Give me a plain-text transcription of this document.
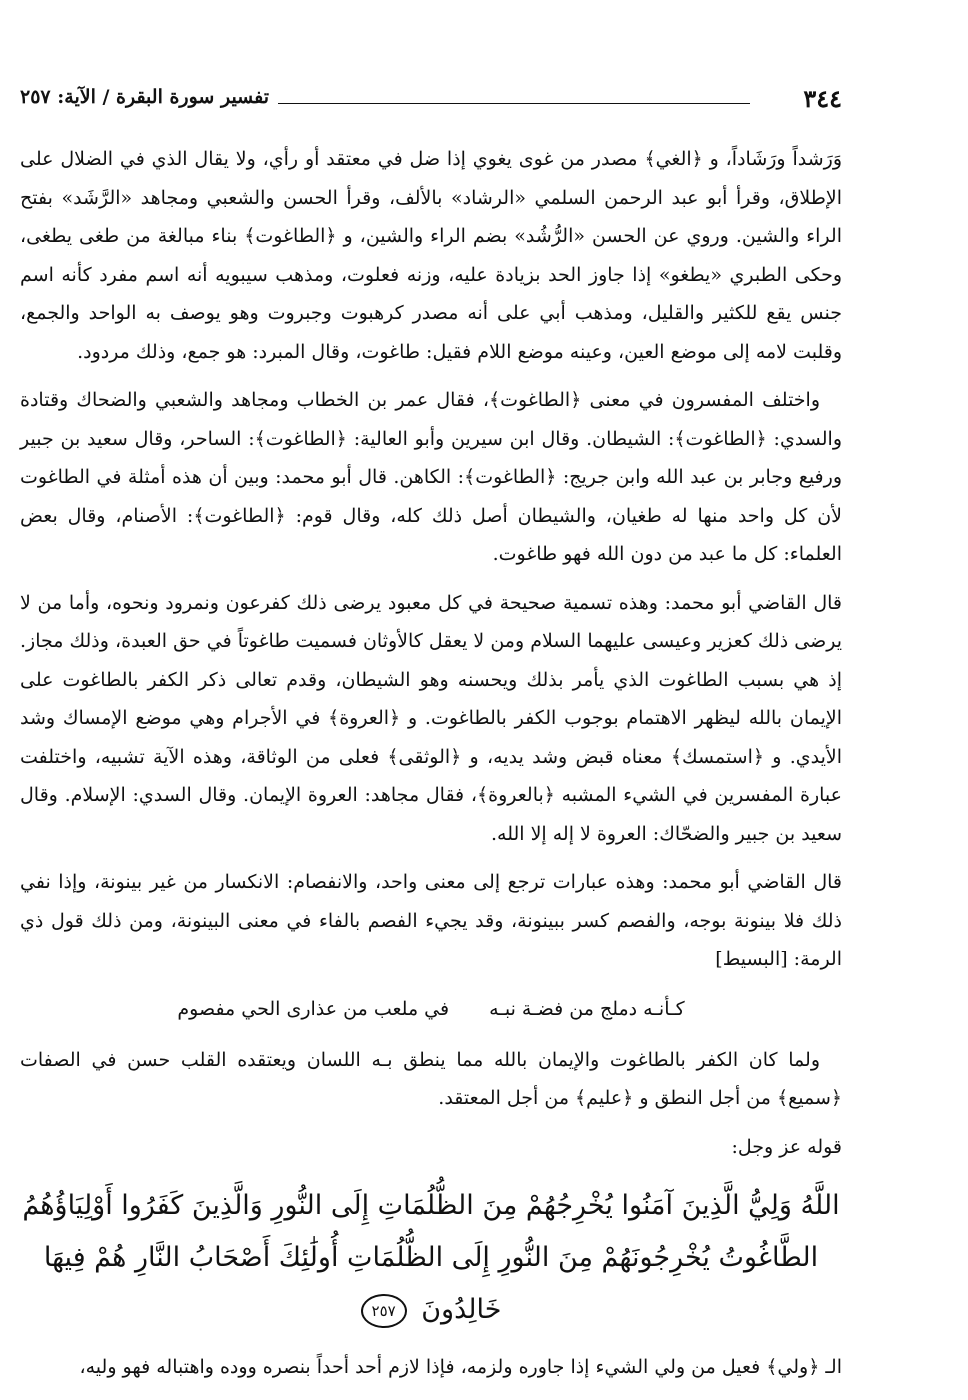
٣٤٤
تفسير سورة البقرة / الآية: ٢٥٧

وَرَشداً ورَشَاداً، و ﴿الغي﴾ مصدر من غوى يغوي إذا ضل في معتقد أو رأي، ولا يقال الذي في الضلال على الإطلاق، وقرأ أبو عبد الرحمن السلمي «الرشاد» بالألف، وقرأ الحسن والشعبي ومجاهد «الرَّشَد» بفتح الراء والشين. وروي عن الحسن «الرُّشُد» بضم الراء والشين، و ﴿الطاغوت﴾ بناء مبالغة من طغى يطغى، وحكى الطبري «يطغو» إذا جاوز الحد بزيادة عليه، وزنه فعلوت، ومذهب سيبويه أنه اسم مفرد كأنه اسم جنس يقع للكثير والقليل، ومذهب أبي على أنه مصدر كرهبوت وجبروت وهو يوصف به الواحد والجمع، وقلبت لامه إلى موضع العين، وعينه موضع اللام فقيل: طاغوت، وقال المبرد: هو جمع، وذلك مردود.

واختلف المفسرون في معنى ﴿الطاغوت﴾، فقال عمر بن الخطاب ومجاهد والشعبي والضحاك وقتادة والسدي: ﴿الطاغوت﴾: الشيطان. وقال ابن سيرين وأبو العالية: ﴿الطاغوت﴾: الساحر، وقال سعيد بن جبير ورفيع وجابر بن عبد الله وابن جريج: ﴿الطاغوت﴾: الكاهن. قال أبو محمد: وبين أن هذه أمثلة في الطاغوت لأن كل واحد منها له طغيان، والشيطان أصل ذلك كله، وقال قوم: ﴿الطاغوت﴾: الأصنام، وقال بعض العلماء: كل ما عبد من دون الله فهو طاغوت.

قال القاضي أبو محمد: وهذه تسمية صحيحة في كل معبود يرضى ذلك كفرعون ونمرود ونحوه، وأما من لا يرضى ذلك كعزير وعيسى عليهما السلام ومن لا يعقل كالأوثان فسميت طاغوتاً في حق العبدة، وذلك مجاز. إذ هي بسبب الطاغوت الذي يأمر بذلك ويحسنه وهو الشيطان، وقدم تعالى ذكر الكفر بالطاغوت على الإيمان بالله ليظهر الاهتمام بوجوب الكفر بالطاغوت. و ﴿العروة﴾ في الأجرام وهي موضع الإمساك وشد الأيدي. و ﴿استمسك﴾ معناه قبض وشد يديه، و ﴿الوثقى﴾ فعلى من الوثاقة، وهذه الآية تشبيه، واختلفت عبارة المفسرين في الشيء المشبه ﴿بالعروة﴾، فقال مجاهد: العروة الإيمان. وقال السدي: الإسلام. وقال سعيد بن جبير والضحّاك: العروة لا إله إلا الله.

قال القاضي أبو محمد: وهذه عبارات ترجع إلى معنى واحد، والانفصام: الانكسار من غير بينونة، وإذا نفي ذلك فلا بينونة بوجه، والفصم كسر ببينونة، وقد يجيء الفصم بالفاء في معنى البينونة، ومن ذلك قول ذي الرمة: [البسيط]

كـأنـه دملج من فضـة نبـه
في ملعب من عذارى الحي مفصوم

ولما كان الكفر بالطاغوت والإيمان بالله مما ينطق بـه اللسان ويعتقده القلب حسن في الصفات ﴿سميع﴾ من أجل النطق و ﴿عليم﴾ من أجل المعتقد.

قوله عز وجل:

اللَّهُ وَلِيُّ الَّذِينَ آمَنُوا يُخْرِجُهُمْ مِنَ الظُّلُمَاتِ إِلَى النُّورِ وَالَّذِينَ كَفَرُوا أَوْلِيَاؤُهُمُ الطَّاغُوتُ يُخْرِجُونَهُمْ مِنَ النُّورِ إِلَى الظُّلُمَاتِ أُولَٰئِكَ أَصْحَابُ النَّارِ هُمْ فِيهَا خَالِدُونَ ٢٥٧

الـ ﴿ولي﴾ فعيل من ولي الشيء إذا جاوره ولزمه، فإذا لازم أحد أحداً بنصره ووده واهتباله فهو وليه،
